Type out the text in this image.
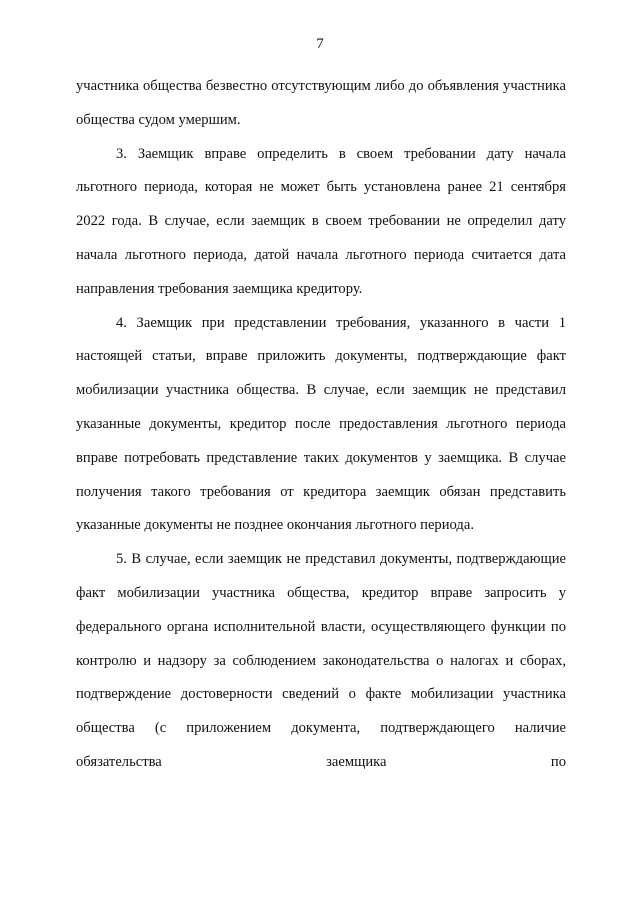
7

участника общества безвестно отсутствующим либо до объявления участника общества судом умершим.

3. Заемщик вправе определить в своем требовании дату начала льготного периода, которая не может быть установлена ранее 21 сентября 2022 года. В случае, если заемщик в своем требовании не определил дату начала льготного периода, датой начала льготного периода считается дата направления требования заемщика кредитору.

4. Заемщик при представлении требования, указанного в части 1 настоящей статьи, вправе приложить документы, подтверждающие факт мобилизации участника общества. В случае, если заемщик не представил указанные документы, кредитор после предоставления льготного периода вправе потребовать представление таких документов у заемщика. В случае получения такого требования от кредитора заемщик обязан представить указанные документы не позднее окончания льготного периода.

5. В случае, если заемщик не представил документы, подтверждающие факт мобилизации участника общества, кредитор вправе запросить у федерального органа исполнительной власти, осуществляющего функции по контролю и надзору за соблюдением законодательства о налогах и сборах, подтверждение достоверности сведений о факте мобилизации участника общества (с приложением документа, подтверждающего наличие обязательства заемщика по
